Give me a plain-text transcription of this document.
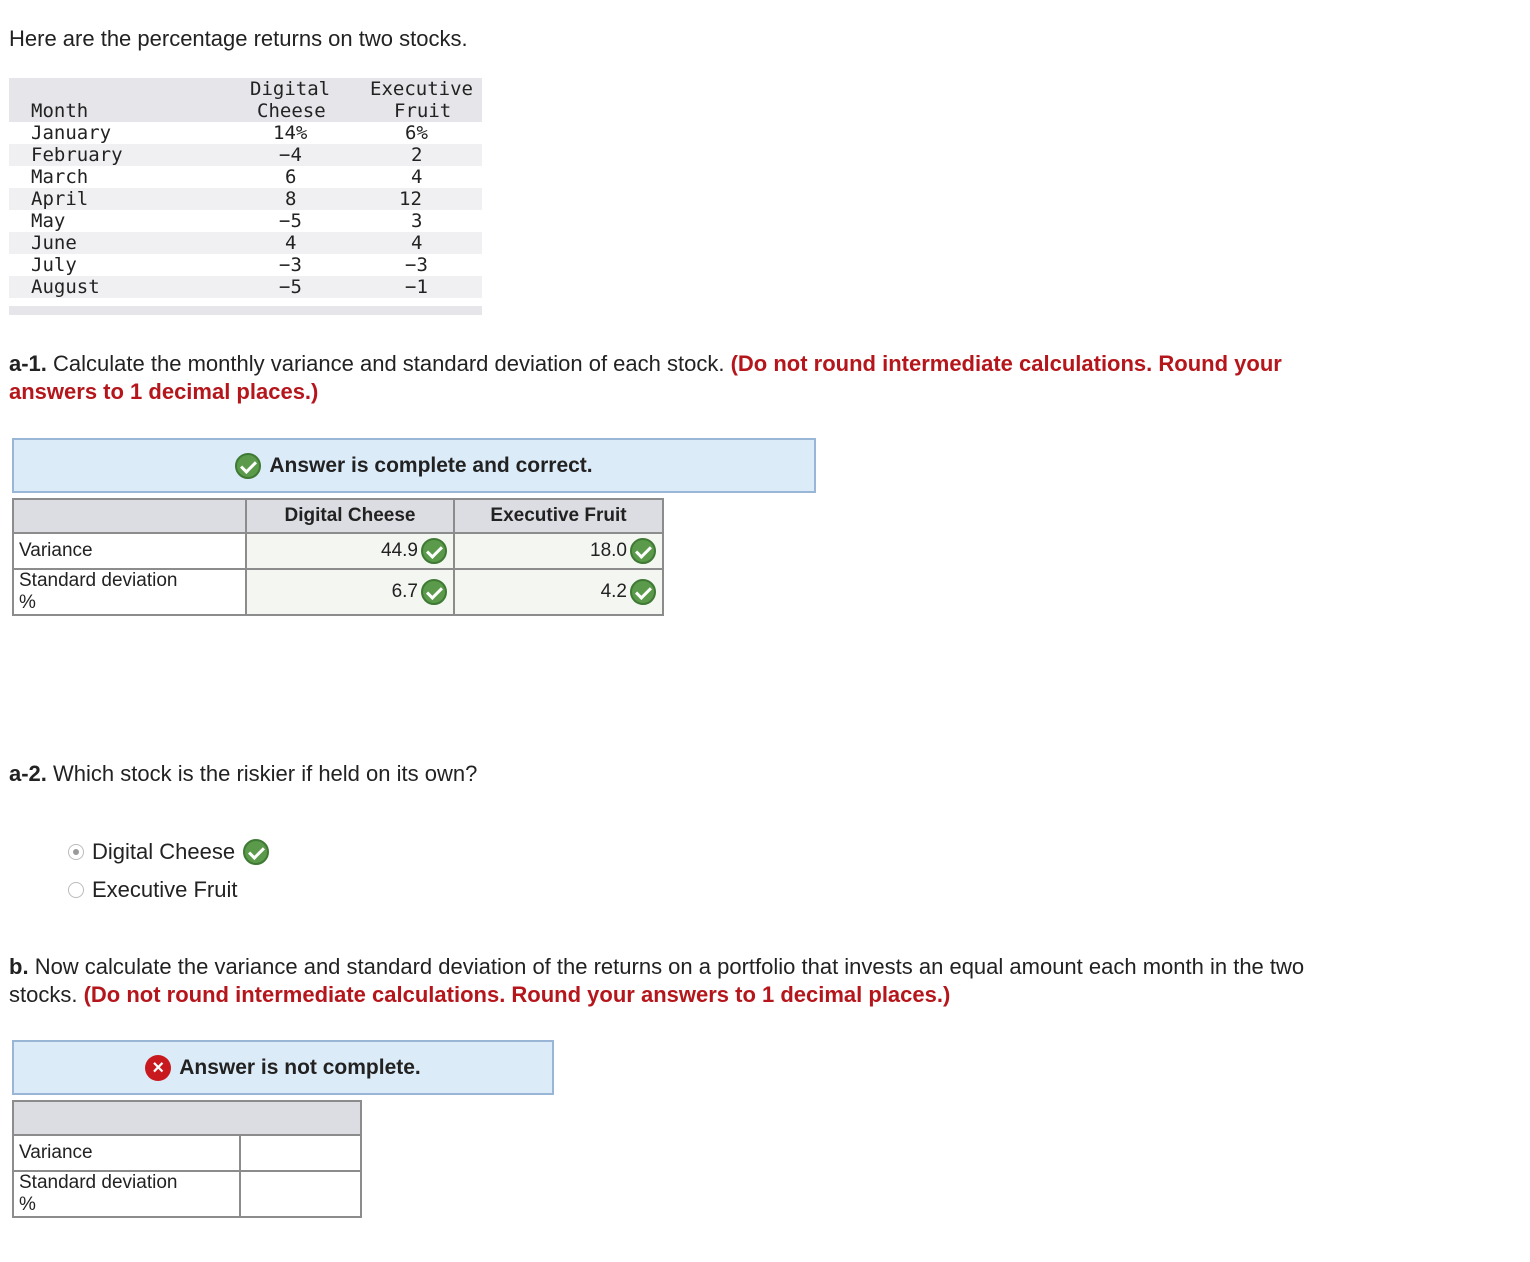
Here are the percentage returns on two stocks.
Digital Executive
Month	Cheese	Fruit
January	14%	6%
February	−4	2
March	6	4
April	8	12
May	−5	3
June	4	4
July	−3	−3
August	−5	−1
a-1. Calculate the monthly variance and standard deviation of each stock. (Do not round intermediate calculations. Round your
answers to 1 decimal places.)
Answer is complete and correct.
	Digital Cheese	Executive Fruit
Variance	44.9	18.0

Standard deviation
%	6.7	4.2
a-2. Which stock is the riskier if held on its own?
Digital Cheese
Executive Fruit
b. Now calculate the variance and standard deviation of the returns on a portfolio that invests an equal amount each month in the two
stocks. (Do not round intermediate calculations. Round your answers to 1 decimal places.)
× Answer is not complete.

Variance	
Standard deviation
%	
